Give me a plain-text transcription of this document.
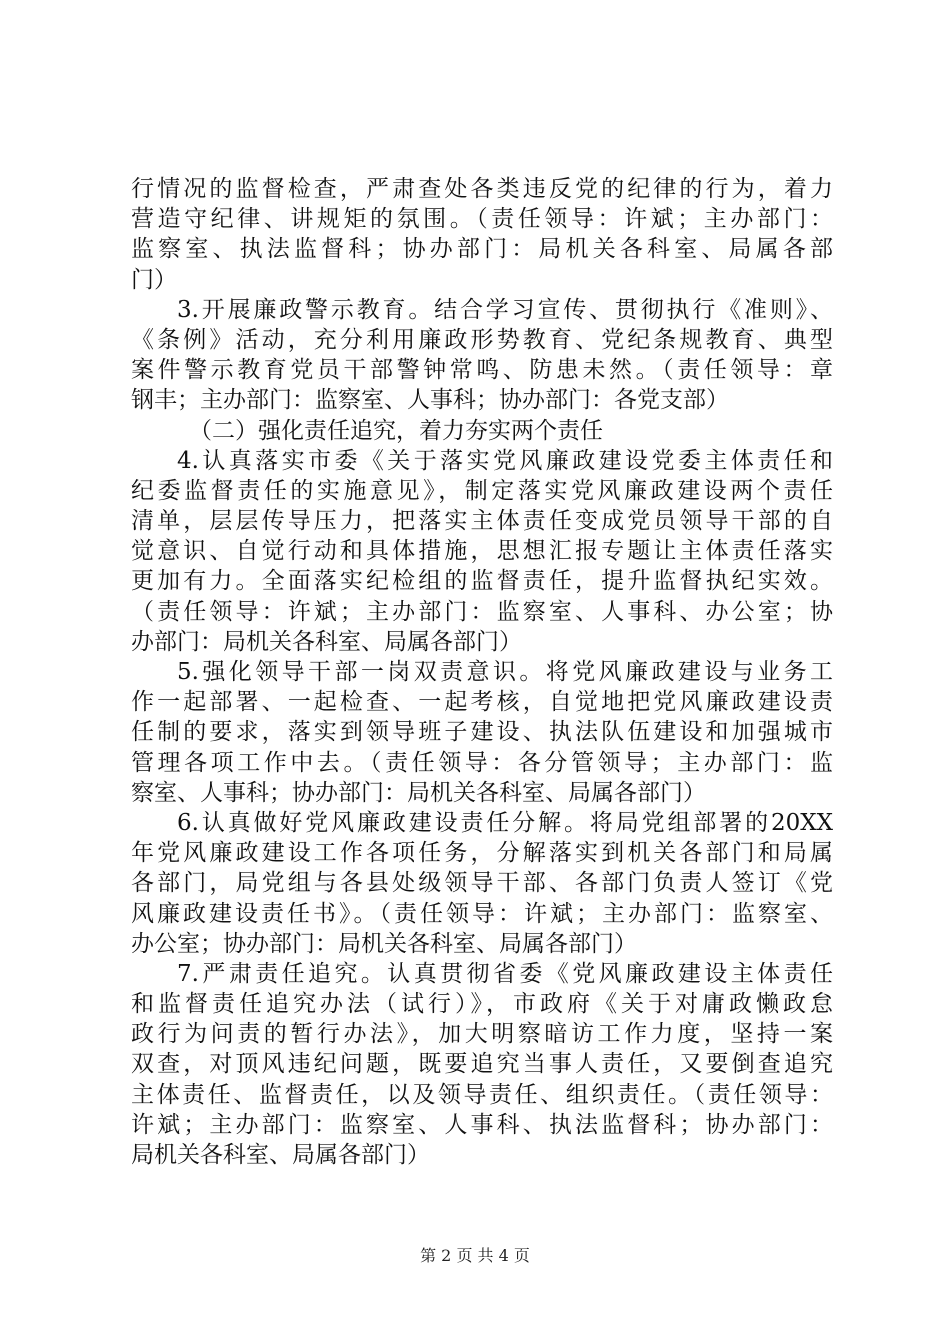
行情况的监督检查，严肃查处各类违反党的纪律的行为，着力
营造守纪律、讲规矩的氛围。（责任领导：许斌；主办部门：
监察室、执法监督科；协办部门：局机关各科室、局属各部
门）
3.开展廉政警示教育。结合学习宣传、贯彻执行《准则》、
《条例》活动，充分利用廉政形势教育、党纪条规教育、典型
案件警示教育党员干部警钟常鸣、防患未然。（责任领导：章
钢丰；主办部门：监察室、人事科；协办部门：各党支部）
（二）强化责任追究，着力夯实两个责任
4.认真落实市委《关于落实党风廉政建设党委主体责任和
纪委监督责任的实施意见》，制定落实党风廉政建设两个责任
清单，层层传导压力，把落实主体责任变成党员领导干部的自
觉意识、自觉行动和具体措施，思想汇报专题让主体责任落实
更加有力。全面落实纪检组的监督责任，提升监督执纪实效。
（责任领导：许斌；主办部门：监察室、人事科、办公室；协
办部门：局机关各科室、局属各部门）
5.强化领导干部一岗双责意识。将党风廉政建设与业务工
作一起部署、一起检查、一起考核，自觉地把党风廉政建设责
任制的要求，落实到领导班子建设、执法队伍建设和加强城市
管理各项工作中去。（责任领导：各分管领导；主办部门：监
察室、人事科；协办部门：局机关各科室、局属各部门）
6.认真做好党风廉政建设责任分解。将局党组部署的20XX
年党风廉政建设工作各项任务，分解落实到机关各部门和局属
各部门，局党组与各县处级领导干部、各部门负责人签订《党
风廉政建设责任书》。（责任领导：许斌；主办部门：监察室、
办公室；协办部门：局机关各科室、局属各部门）
7.严肃责任追究。认真贯彻省委《党风廉政建设主体责任
和监督责任追究办法（试行）》，市政府《关于对庸政懒政怠
政行为问责的暂行办法》，加大明察暗访工作力度，坚持一案
双查，对顶风违纪问题，既要追究当事人责任，又要倒查追究
主体责任、监督责任，以及领导责任、组织责任。（责任领导：
许斌；主办部门：监察室、人事科、执法监督科；协办部门：
局机关各科室、局属各部门）
第 2 页 共 4 页
